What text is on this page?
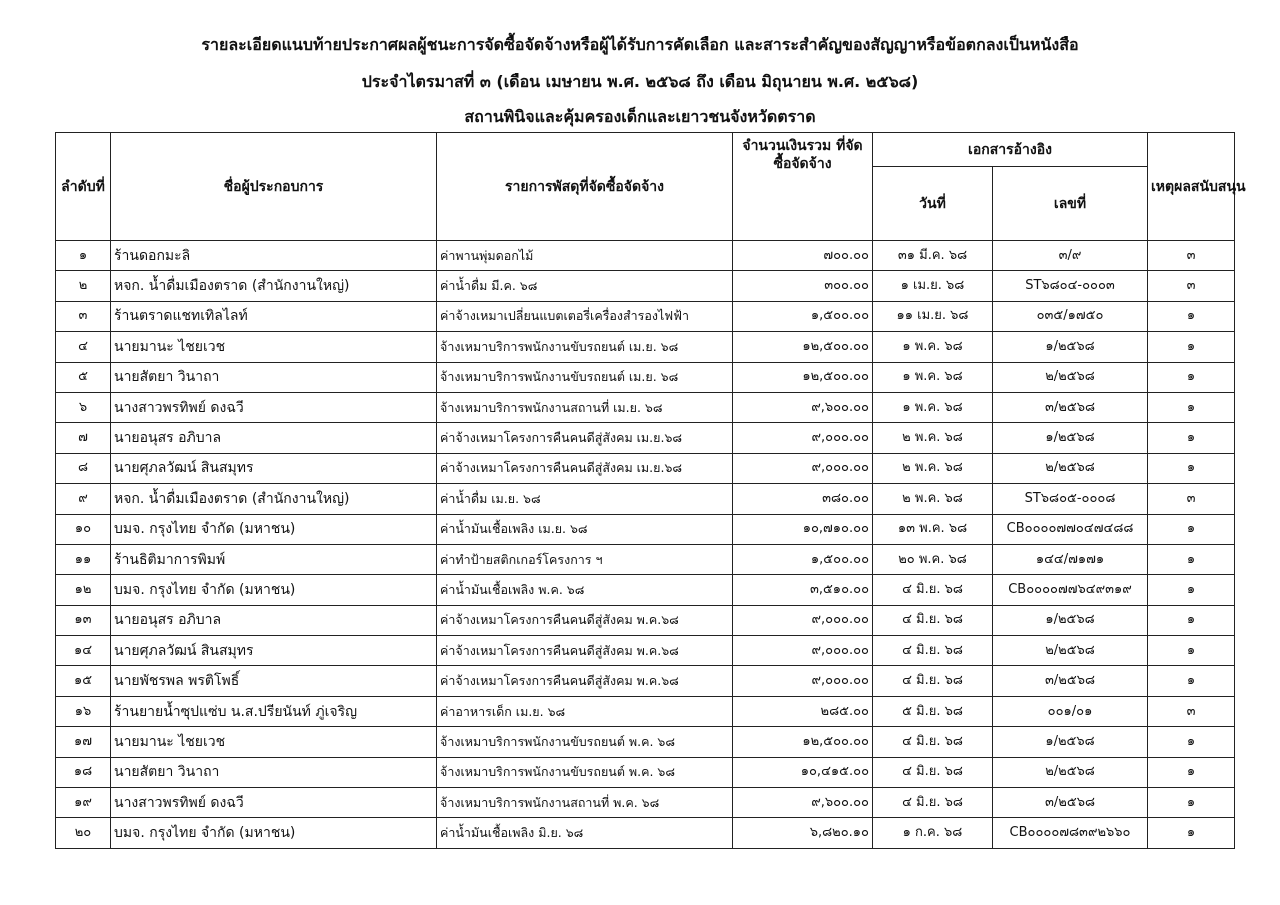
รายละเอียดแนบท้ายประกาศผลผู้ชนะการจัดซื้อจัดจ้างหรือผู้ได้รับการคัดเลือก และสาระสำคัญของสัญญาหรือข้อตกลงเป็นหนังสือ
ประจำไตรมาสที่ ๓ (เดือน เมษายน พ.ศ. ๒๕๖๘ ถึง เดือน มิถุนายน พ.ศ. ๒๕๖๘)
สถานพินิจและคุ้มครองเด็กและเยาวชนจังหวัดตราด
ลำดับที่	ชื่อผู้ประกอบการ	รายการพัสดุที่จัดซื้อจัดจ้าง	จำนวนเงินรวม ที่จัดซื้อจัดจ้าง	เอกสารอ้างอิง		เหตุผลสนับสนุน
				วันที่	เลขที่	
๑	ร้านดอกมะลิ	ค่าพานพุ่มดอกไม้	๗๐๐.๐๐	๓๑ มี.ค. ๖๘	๓/๙	๓
๒	หจก. น้ำดื่มเมืองตราด (สำนักงานใหญ่)	ค่าน้ำดื่ม มี.ค. ๖๘	๓๐๐.๐๐	๑ เม.ย. ๖๘	ST๖๘๐๔-๐๐๐๓	๓
๓	ร้านตราดแชทเทิลไลท์	ค่าจ้างเหมาเปลี่ยนแบตเตอรี่เครื่องสำรองไฟฟ้า	๑,๕๐๐.๐๐	๑๑ เม.ย. ๖๘	๐๓๕/๑๗๕๐	๑
๔	นายมานะ ไชยเวช	จ้างเหมาบริการพนักงานขับรถยนต์ เม.ย. ๖๘	๑๒,๕๐๐.๐๐	๑ พ.ค. ๖๘	๑/๒๕๖๘	๑
๕	นายสัตยา วินาถา	จ้างเหมาบริการพนักงานขับรถยนต์ เม.ย. ๖๘	๑๒,๕๐๐.๐๐	๑ พ.ค. ๖๘	๒/๒๕๖๘	๑
๖	นางสาวพรทิพย์ ดงฉวี	จ้างเหมาบริการพนักงานสถานที่ เม.ย. ๖๘	๙,๖๐๐.๐๐	๑ พ.ค. ๖๘	๓/๒๕๖๘	๑
๗	นายอนุสร อภิบาล	ค่าจ้างเหมาโครงการคืนคนดีสู่สังคม เม.ย.๖๘	๙,๐๐๐.๐๐	๒ พ.ค. ๖๘	๑/๒๕๖๘	๑
๘	นายศุภลวัฒน์ สินสมุทร	ค่าจ้างเหมาโครงการคืนคนดีสู่สังคม เม.ย.๖๘	๙,๐๐๐.๐๐	๒ พ.ค. ๖๘	๒/๒๕๖๘	๑
๙	หจก. น้ำดื่มเมืองตราด (สำนักงานใหญ่)	ค่าน้ำดื่ม เม.ย. ๖๘	๓๘๐.๐๐	๒ พ.ค. ๖๘	ST๖๘๐๕-๐๐๐๘	๓
๑๐	บมจ. กรุงไทย จำกัด (มหาชน)	ค่าน้ำมันเชื้อเพลิง เม.ย. ๖๘	๑๐,๗๑๐.๐๐	๑๓ พ.ค. ๖๘	CB๐๐๐๐๗๗๐๔๗๔๘๘	๑
๑๑	ร้านธิติมาการพิมพ์	ค่าทำป้ายสติกเกอร์โครงการ ฯ	๑,๕๐๐.๐๐	๒๐ พ.ค. ๖๘	๑๔๔/๗๑๗๑	๑
๑๒	บมจ. กรุงไทย จำกัด (มหาชน)	ค่าน้ำมันเชื้อเพลิง พ.ค. ๖๘	๓,๕๑๐.๐๐	๔ มิ.ย. ๖๘	CB๐๐๐๐๗๗๖๔๙๓๑๙	๑
๑๓	นายอนุสร อภิบาล	ค่าจ้างเหมาโครงการคืนคนดีสู่สังคม พ.ค.๖๘	๙,๐๐๐.๐๐	๔ มิ.ย. ๖๘	๑/๒๕๖๘	๑
๑๔	นายศุภลวัฒน์ สินสมุทร	ค่าจ้างเหมาโครงการคืนคนดีสู่สังคม พ.ค.๖๘	๙,๐๐๐.๐๐	๔ มิ.ย. ๖๘	๒/๒๕๖๘	๑
๑๕	นายพัชรพล พรติโพธิ์	ค่าจ้างเหมาโครงการคืนคนดีสู่สังคม พ.ค.๖๘	๙,๐๐๐.๐๐	๔ มิ.ย. ๖๘	๓/๒๕๖๘	๑
๑๖	ร้านยายน้ำซุปแซ่บ น.ส.ปรียนันท์ ภู่เจริญ	ค่าอาหารเด็ก เม.ย. ๖๘	๒๘๕.๐๐	๕ มิ.ย. ๖๘	๐๐๑/๐๑	๓
๑๗	นายมานะ ไชยเวช	จ้างเหมาบริการพนักงานขับรถยนต์ พ.ค. ๖๘	๑๒,๕๐๐.๐๐	๔ มิ.ย. ๖๘	๑/๒๕๖๘	๑
๑๘	นายสัตยา วินาถา	จ้างเหมาบริการพนักงานขับรถยนต์ พ.ค. ๖๘	๑๐,๔๑๕.๐๐	๔ มิ.ย. ๖๘	๒/๒๕๖๘	๑
๑๙	นางสาวพรทิพย์ ดงฉวี	จ้างเหมาบริการพนักงานสถานที่ พ.ค. ๖๘	๙,๖๐๐.๐๐	๔ มิ.ย. ๖๘	๓/๒๕๖๘	๑
๒๐	บมจ. กรุงไทย จำกัด (มหาชน)	ค่าน้ำมันเชื้อเพลิง มิ.ย. ๖๘	๖,๘๒๐.๑๐	๑ ก.ค. ๖๘	CB๐๐๐๐๗๘๓๙๒๖๖๐	๑
